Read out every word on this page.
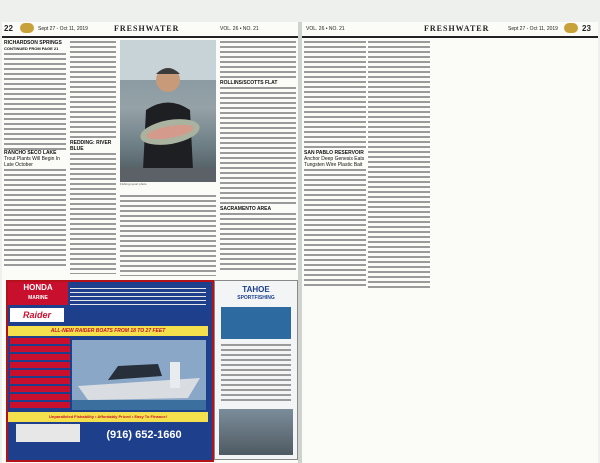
22	Sept 27 - Oct 11, 2019	FRESHWATER	VOL. 26 • NO. 21
RICHARDSON SPRINGS
CONTINUED FROM PAGE 21
RANCHO SECO LAKE
Trout Plants Will Begin In Late October
REDDING: RIVER BLUE
Fishing report photo
ROLLINS/SCOTTS FLAT
SACRAMENTO AREA
HONDA
MARINE
Raider
ALL-NEW RAIDER BOATS FROM 18 TO 27 FEET
Unparalleled Fishability • Affordably Priced • Easy To Finance!
(916) 652-1660
TAHOE
SPORTFISHING
VOL. 26 • NO. 21	FRESHWATER	Sept 27 - Oct 11, 2019	23
SAN PABLO RESERVOIR
Anchor Deep Genesis Eats Tungsten Wire Plastic Bait
